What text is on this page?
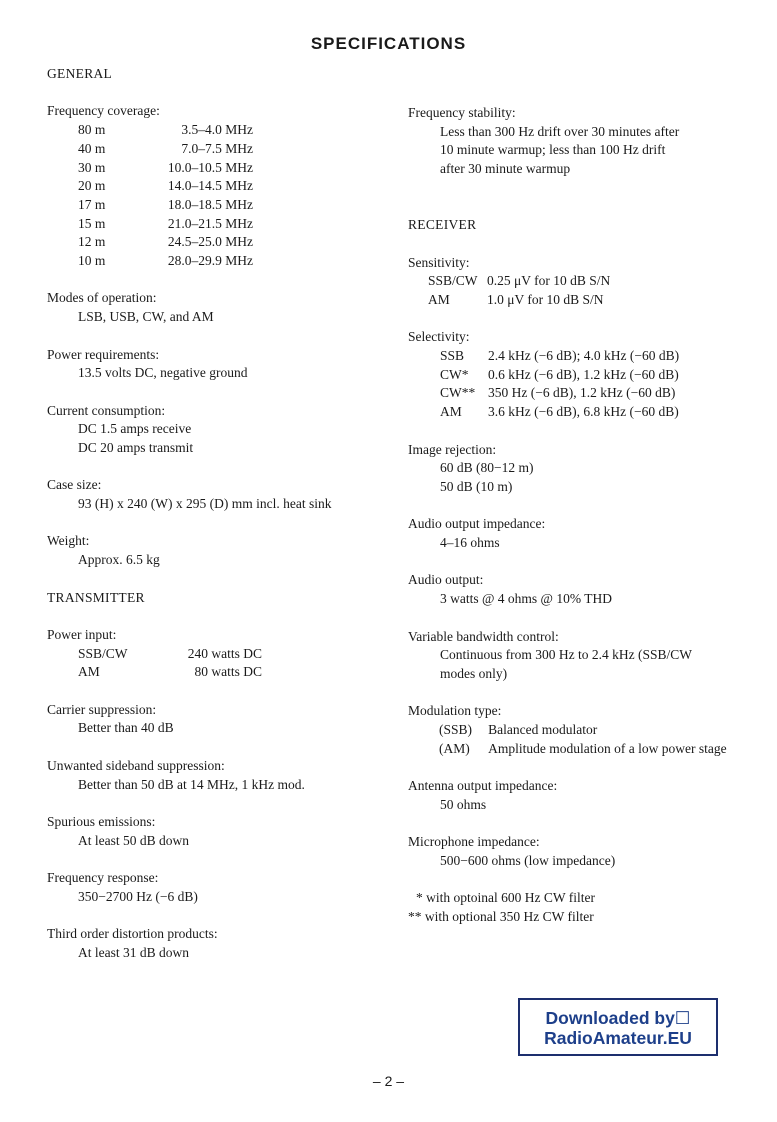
SPECIFICATIONS
GENERAL
Frequency coverage:
80 m	3.5–4.0 MHz
40 m	7.0–7.5 MHz
30 m	10.0–10.5 MHz
20 m	14.0–14.5 MHz
17 m	18.0–18.5 MHz
15 m	21.0–21.5 MHz
12 m	24.5–25.0 MHz
10 m	28.0–29.9 MHz
Modes of operation:
LSB, USB, CW, and AM
Power requirements:
13.5 volts DC, negative ground
Current consumption:
DC 1.5 amps receive
DC 20 amps transmit
Case size:
93 (H) x 240 (W) x 295 (D) mm incl. heat sink
Weight:
Approx. 6.5 kg
TRANSMITTER
Power input:
SSB/CW	240 watts DC
AM	80 watts DC
Carrier suppression:
Better than 40 dB
Unwanted sideband suppression:
Better than 50 dB at 14 MHz, 1 kHz mod.
Spurious emissions:
At least 50 dB down
Frequency response:
350−2700 Hz (−6 dB)
Third order distortion products:
At least 31 dB down
Frequency stability:
Less than 300 Hz drift over 30 minutes after
10 minute warmup; less than 100 Hz drift
after 30 minute warmup
RECEIVER
Sensitivity:
SSB/CW	0.25 μV for 10 dB S/N
AM	1.0 μV for 10 dB S/N
Selectivity:
SSB	2.4 kHz (−6 dB); 4.0 kHz (−60 dB)
CW*	0.6 kHz (−6 dB), 1.2 kHz (−60 dB)
CW**	350 Hz (−6 dB), 1.2 kHz (−60 dB)
AM	3.6 kHz (−6 dB), 6.8 kHz (−60 dB)
Image rejection:
60 dB (80−12 m)
50 dB (10 m)
Audio output impedance:
4–16 ohms
Audio output:
3 watts @ 4 ohms @ 10% THD
Variable bandwidth control:
Continuous from 300 Hz to 2.4 kHz (SSB/CW
modes only)
Modulation type:
(SSB)	Balanced modulator
(AM)	Amplitude modulation of a low power stage
Antenna output impedance:
50 ohms
Microphone impedance:
500−600 ohms (low impedance)
* with optoinal 600 Hz CW filter
** with optional 350 Hz CW filter
Downloaded by☐
RadioAmateur.EU
– 2 –
